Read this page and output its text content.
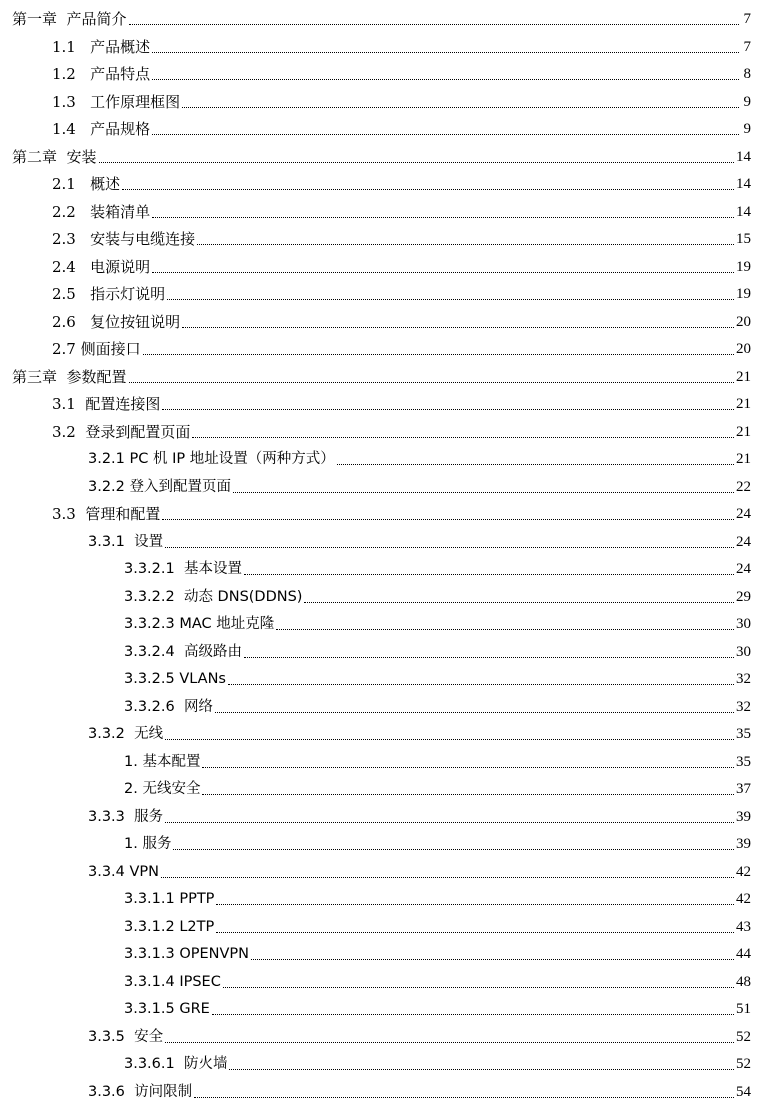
第一章  产品简介	7
1.1   产品概述	7
1.2   产品特点	8
1.3   工作原理框图	9
1.4   产品规格	9
第二章  安装	14
2.1   概述	14
2.2   装箱清单	14
2.3   安装与电缆连接	15
2.4   电源说明	19
2.5   指示灯说明	19
2.6   复位按钮说明	20
2.7 侧面接口	20
第三章  参数配置	21
3.1  配置连接图	21
3.2  登录到配置页面	21
3.2.1 PC 机 IP 地址设置（两种方式）	21
3.2.2 登入到配置页面	22
3.3  管理和配置	24
3.3.1  设置	24
3.3.2.1  基本设置	24
3.3.2.2  动态 DNS(DDNS)	29
3.3.2.3 MAC 地址克隆	30
3.3.2.4  高级路由	30
3.3.2.5 VLANs	32
3.3.2.6  网络	32
3.3.2  无线	35
1. 基本配置	35
2. 无线安全	37
3.3.3  服务	39
1. 服务	39
3.3.4 VPN	42
3.3.1.1 PPTP	42
3.3.1.2 L2TP	43
3.3.1.3 OPENVPN	44
3.3.1.4 IPSEC	48
3.3.1.5 GRE	51
3.3.5  安全	52
3.3.6.1  防火墙	52
3.3.6  访问限制	54
